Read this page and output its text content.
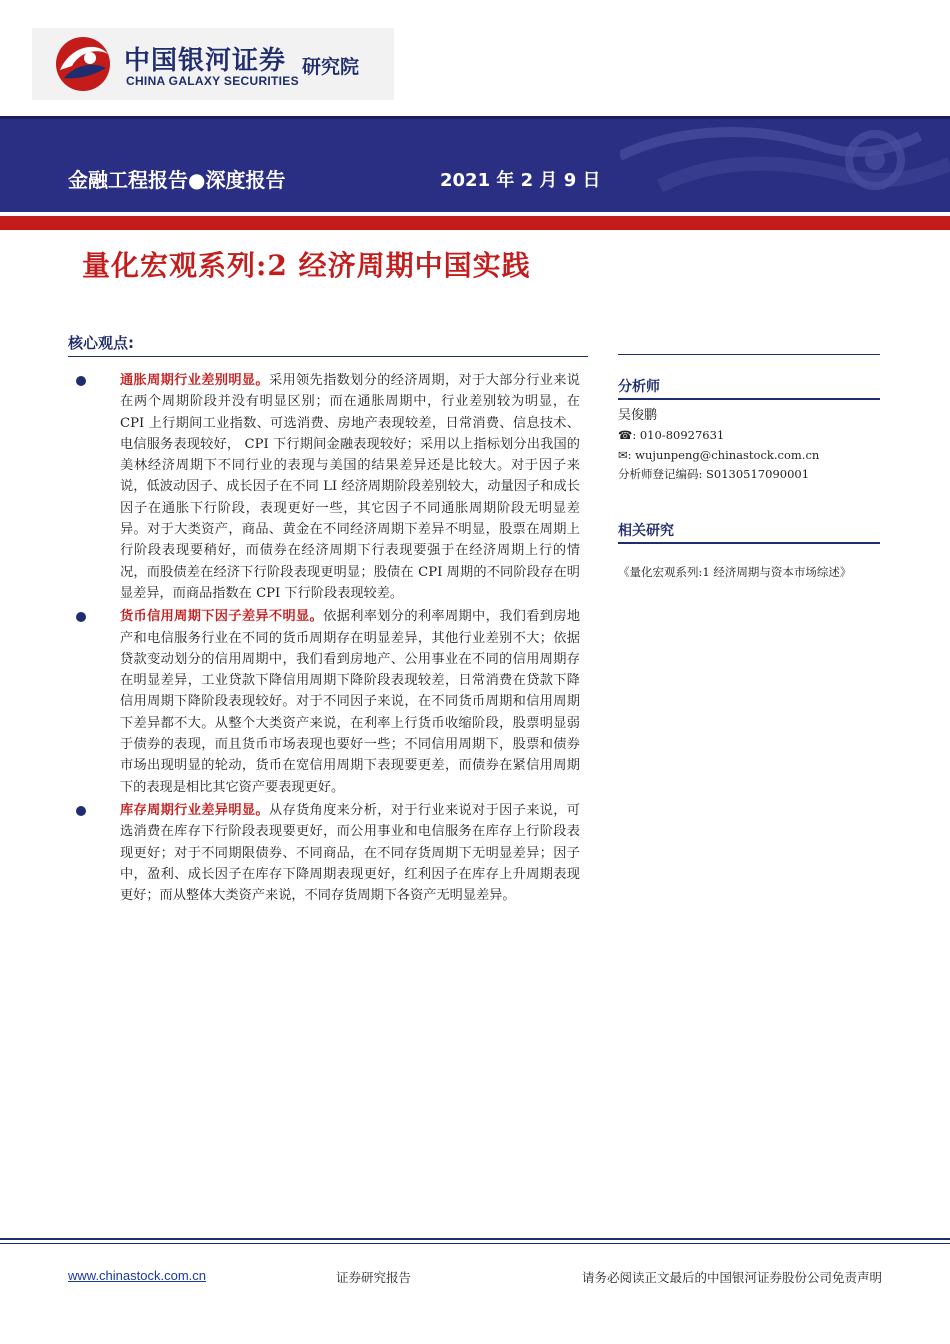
中国银河证券
CHINA GALAXY SECURITIES
研究院
金融工程报告●深度报告	2021 年 2 月 9 日
量化宏观系列:2 经济周期中国实践
核心观点:
通胀周期行业差别明显。采用领先指数划分的经济周期，对于大部分行业来说在两个周期阶段并没有明显区别；而在通胀周期中，行业差别较为明显，在 CPI 上行期间工业指数、可选消费、房地产表现较差，日常消费、信息技术、电信服务表现较好， CPI 下行期间金融表现较好；采用以上指标划分出我国的美林经济周期下不同行业的表现与美国的结果差异还是比较大。对于因子来说，低波动因子、成长因子在不同 LI 经济周期阶段差别较大，动量因子和成长因子在通胀下行阶段，表现更好一些，其它因子不同通胀周期阶段无明显差异。对于大类资产，商品、黄金在不同经济周期下差异不明显，股票在周期上行阶段表现要稍好，而债券在经济周期下行表现要强于在经济周期上行的情况，而股债差在经济下行阶段表现更明显；股债在 CPI 周期的不同阶段存在明显差异，而商品指数在 CPI 下行阶段表现较差。
货币信用周期下因子差异不明显。依据利率划分的利率周期中，我们看到房地产和电信服务行业在不同的货币周期存在明显差异，其他行业差别不大；依据贷款变动划分的信用周期中，我们看到房地产、公用事业在不同的信用周期存在明显差异，工业贷款下降信用周期下降阶段表现较差，日常消费在贷款下降信用周期下降阶段表现较好。对于不同因子来说，在不同货币周期和信用周期下差异都不大。从整个大类资产来说，在利率上行货币收缩阶段，股票明显弱于债券的表现，而且货币市场表现也要好一些；不同信用周期下，股票和债券市场出现明显的轮动，货币在宽信用周期下表现要更差，而债券在紧信用周期下的表现是相比其它资产要表现更好。
库存周期行业差异明显。从存货角度来分析，对于行业来说对于因子来说，可选消费在库存下行阶段表现要更好，而公用事业和电信服务在库存上行阶段表现更好；对于不同期限债券、不同商品，在不同存货周期下无明显差异；因子中，盈利、成长因子在库存下降周期表现更好，红利因子在库存上升周期表现更好；而从整体大类资产来说，不同存货周期下各资产无明显差异。
分析师
吴俊鹏
☎: 010-80927631
✉: wujunpeng@chinastock.com.cn
分析师登记编码: S0130517090001
相关研究
《量化宏观系列:1 经济周期与资本市场综述》
www.chinastock.com.cn	证券研究报告	请务必阅读正文最后的中国银河证券股份公司免责声明
